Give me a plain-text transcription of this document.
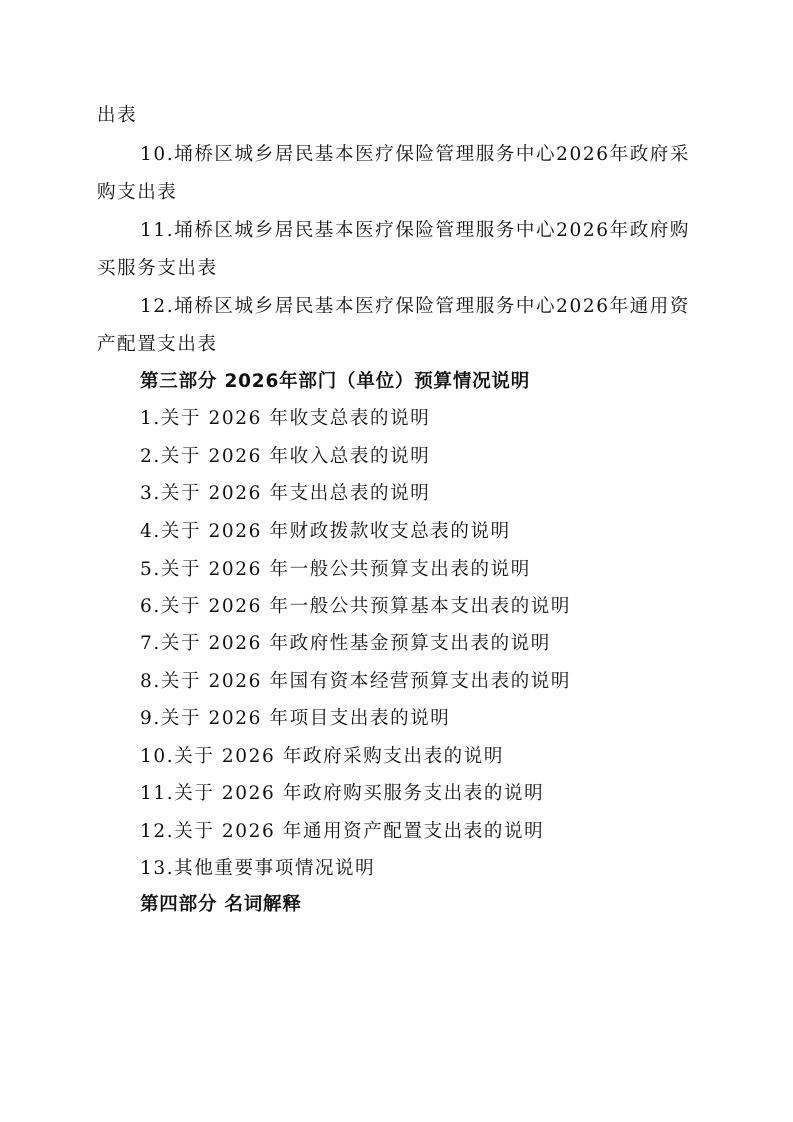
出表
10.埇桥区城乡居民基本医疗保险管理服务中心2026年政府采
购支出表
11.埇桥区城乡居民基本医疗保险管理服务中心2026年政府购
买服务支出表
12.埇桥区城乡居民基本医疗保险管理服务中心2026年通用资
产配置支出表
第三部分 2026年部门（单位）预算情况说明
1.关于 2026 年收支总表的说明
2.关于 2026 年收入总表的说明
3.关于 2026 年支出总表的说明
4.关于 2026 年财政拨款收支总表的说明
5.关于 2026 年一般公共预算支出表的说明
6.关于 2026 年一般公共预算基本支出表的说明
7.关于 2026 年政府性基金预算支出表的说明
8.关于 2026 年国有资本经营预算支出表的说明
9.关于 2026 年项目支出表的说明
10.关于 2026 年政府采购支出表的说明
11.关于 2026 年政府购买服务支出表的说明
12.关于 2026 年通用资产配置支出表的说明
13.其他重要事项情况说明
第四部分 名词解释
